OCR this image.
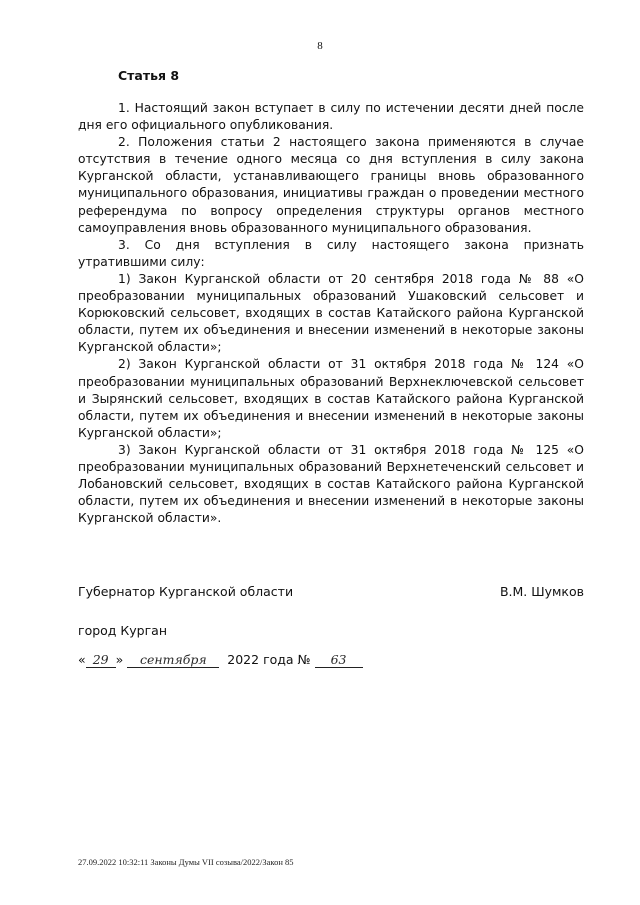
8
Статья 8

1. Настоящий закон вступает в силу по истечении десяти дней после дня его официального опубликования.

2. Положения статьи 2 настоящего закона применяются в случае отсутствия в течение одного месяца со дня вступления в силу закона Курганской области, устанавливающего границы вновь образованного муниципального образования, инициативы граждан о проведении местного референдума по вопросу определения структуры органов местного самоуправления вновь образованного муниципального образования.

3. Со дня вступления в силу настоящего закона признать утратившими силу:

1) Закон Курганской области от 20 сентября 2018 года № 88 «О преобразовании муниципальных образований Ушаковский сельсовет и Корюковский сельсовет, входящих в состав Катайского района Курганской области, путем их объединения и внесении изменений в некоторые законы Курганской области»;

2) Закон Курганской области от 31 октября 2018 года № 124 «О преобразовании муниципальных образований Верхнеключевской сельсовет и Зырянский сельсовет, входящих в состав Катайского района Курганской области, путем их объединения и внесении изменений в некоторые законы Курганской области»;

3) Закон Курганской области от 31 октября 2018 года № 125 «О преобразовании муниципальных образований Верхнетеченский сельсовет и Лобановский сельсовет, входящих в состав Катайского района Курганской области, путем их объединения и внесении изменений в некоторые законы Курганской области».

Губернатор Курганской области	В.М. Шумков
город Курган
« 29 » сентября 2022 года № 63
27.09.2022 10:32:11 Законы Думы VII созыва/2022/Закон 85
